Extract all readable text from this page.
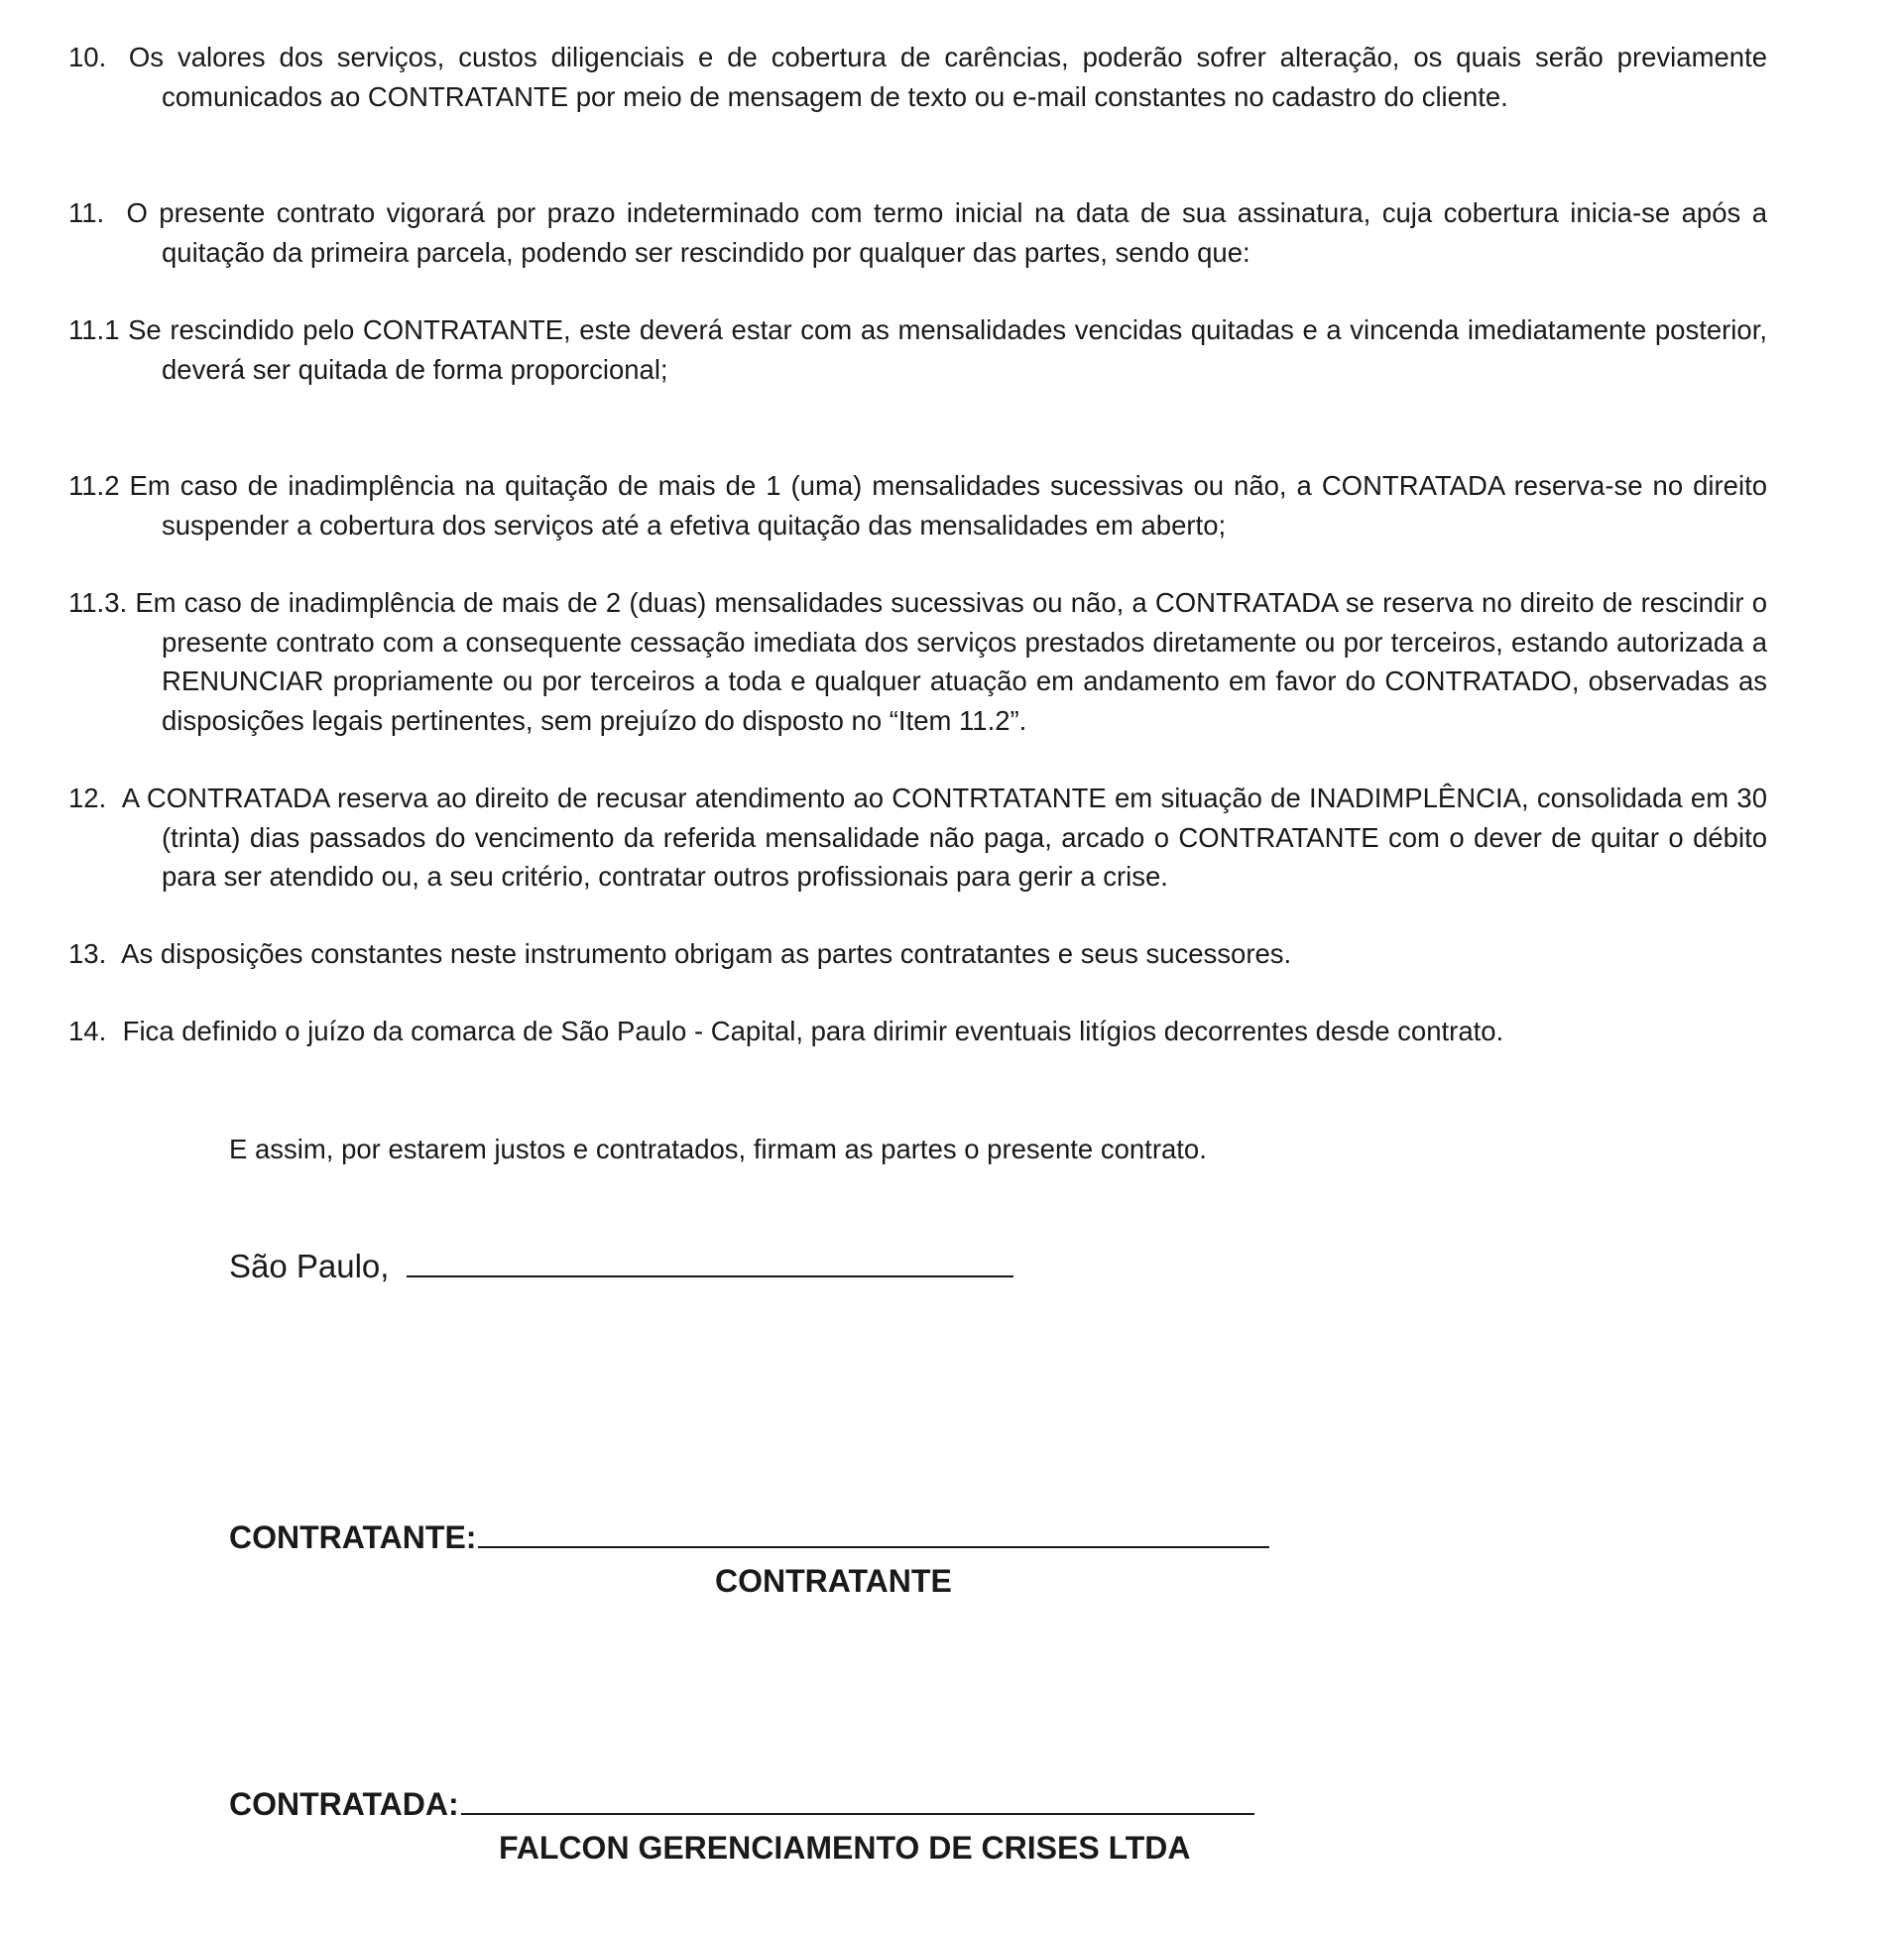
10. Os valores dos serviços, custos diligenciais e de cobertura de carências, poderão sofrer alteração, os quais serão previamente comunicados ao CONTRATANTE por meio de mensagem de texto ou e-mail constantes no cadastro do cliente.

11. O presente contrato vigorará por prazo indeterminado com termo inicial na data de sua assinatura, cuja cobertura inicia-se após a quitação da primeira parcela, podendo ser rescindido por qualquer das partes, sendo que:

11.1 Se rescindido pelo CONTRATANTE, este deverá estar com as mensalidades vencidas quitadas e a vincenda imediatamente posterior, deverá ser quitada de forma proporcional;

11.2 Em caso de inadimplência na quitação de mais de 1 (uma) mensalidades sucessivas ou não, a CONTRATADA reserva-se no direito suspender a cobertura dos serviços até a efetiva quitação das mensalidades em aberto;

11.3. Em caso de inadimplência de mais de 2 (duas) mensalidades sucessivas ou não, a CONTRATADA se reserva no direito de rescindir o presente contrato com a consequente cessação imediata dos serviços prestados diretamente ou por terceiros, estando autorizada a RENUNCIAR propriamente ou por terceiros a toda e qualquer atuação em andamento em favor do CONTRATADO, observadas as disposições legais pertinentes, sem prejuízo do disposto no “Item 11.2”.

12. A CONTRATADA reserva ao direito de recusar atendimento ao CONTRTATANTE em situação de INADIMPLÊNCIA, consolidada em 30 (trinta) dias passados do vencimento da referida mensalidade não paga, arcado o CONTRATANTE com o dever de quitar o débito para ser atendido ou, a seu critério, contratar outros profissionais para gerir a crise.

13. As disposições constantes neste instrumento obrigam as partes contratantes e seus sucessores.

14. Fica definido o juízo da comarca de São Paulo - Capital, para dirimir eventuais litígios decorrentes desde contrato.

E assim, por estarem justos e contratados, firmam as partes o presente contrato.

São Paulo,
CONTRATANTE:
CONTRATANTE
CONTRATADA:
FALCON GERENCIAMENTO DE CRISES LTDA
